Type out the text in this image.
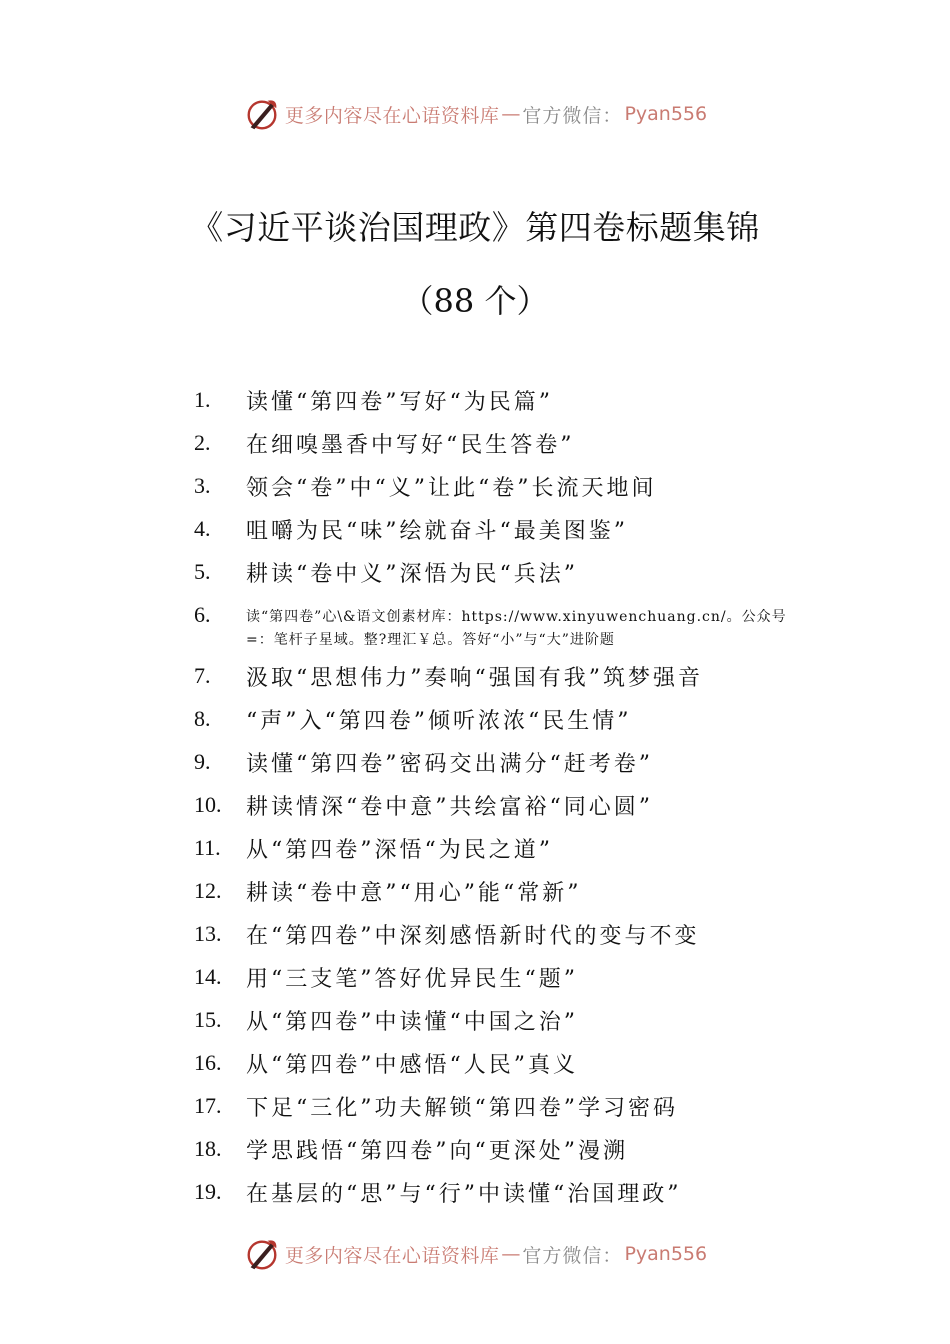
更多内容尽在心语资料库 — 官方微信： Pyan556
《习近平谈治国理政》第四卷标题集锦
（88 个）
1. 读懂“第四卷”写好“为民篇”
2. 在细嗅墨香中写好“民生答卷”
3. 领会“卷”中“义”让此“卷”长流天地间
4. 咀嚼为民“味”绘就奋斗“最美图鉴”
5. 耕读“卷中义”深悟为民“兵法”
6.	读“第四卷”心\&语文创素材库：https://www.xinyuwenchuang.cn/。公众号=：笔杆子星域。整?理汇￥总。答好“小”与“大”进阶题
7. 汲取“思想伟力”奏响“强国有我”筑梦强音
8. “声”入“第四卷”倾听浓浓“民生情”
9. 读懂“第四卷”密码交出满分“赶考卷”
10. 耕读情深“卷中意”共绘富裕“同心圆”
11. 从“第四卷”深悟“为民之道”
12. 耕读“卷中意”“用心”能“常新”
13. 在“第四卷”中深刻感悟新时代的变与不变
14. 用“三支笔”答好优异民生“题”
15. 从“第四卷”中读懂“中国之治”
16. 从“第四卷”中感悟“人民”真义
17. 下足“三化”功夫解锁“第四卷”学习密码
18. 学思践悟“第四卷”向“更深处”漫溯
19. 在基层的“思”与“行”中读懂“治国理政”
更多内容尽在心语资料库 — 官方微信： Pyan556
